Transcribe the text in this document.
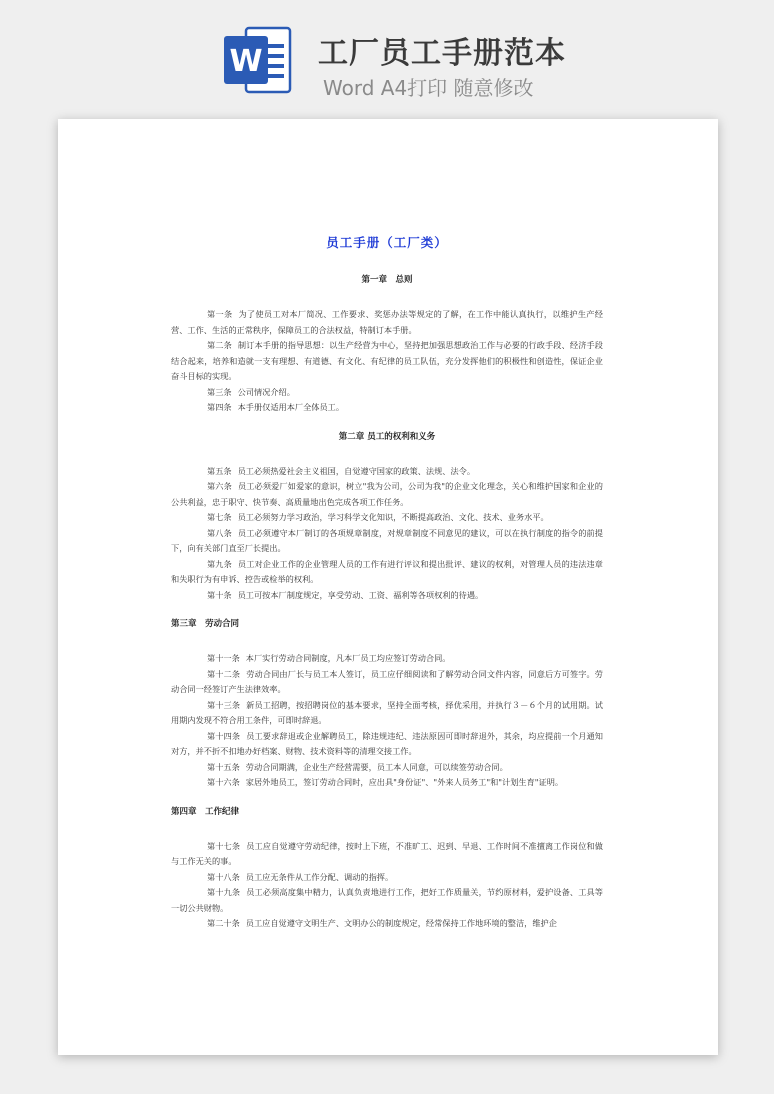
W 工厂员工手册范本
Word A4打印 随意修改

员工手册（工厂类）
第一章　总则

第一条 为了使员工对本厂简况、工作要求、奖惩办法等规定的了解，在工作中能认真执行，以维护生产经营、工作、生活的正常秩序，保障员工的合法权益，特制订本手册。

第二条 制订本手册的指导思想：以生产经营为中心，坚持把加强思想政治工作与必要的行政手段、经济手段结合起来，培养和造就一支有理想、有道德、有文化、有纪律的员工队伍，充分发挥他们的积极性和创造性，保证企业奋斗目标的实现。

第三条 公司情况介绍。

第四条 本手册仅适用本厂全体员工。

第二章 员工的权利和义务

第五条 员工必须热爱社会主义祖国，自觉遵守国家的政策、法规、法令。

第六条 员工必须爱厂如爱家的意识，树立"我为公司，公司为我"的企业文化理念，关心和维护国家和企业的公共利益，忠于职守、快节奏、高质量地出色完成各项工作任务。

第七条 员工必须努力学习政治，学习科学文化知识，不断提高政治、文化、技术、业务水平。

第八条 员工必须遵守本厂制订的各项规章制度，对规章制度不同意见的建议，可以在执行制度的指令的前提下，向有关部门直至厂长提出。

第九条 员工对企业工作的企业管理人员的工作有进行评议和提出批评、建议的权利，对管理人员的违法违章和失职行为有申诉、控告或检举的权利。

第十条 员工可按本厂制度规定，享受劳动、工资、福利等各项权利的待遇。

第三章　劳动合同

第十一条 本厂实行劳动合同制度，凡本厂员工均应签订劳动合同。

第十二条 劳动合同由厂长与员工本人签订，员工应仔细阅读和了解劳动合同文件内容，同意后方可签字。劳动合同一经签订产生法律效率。

第十三条 新员工招聘，按招聘岗位的基本要求，坚持全面考核，择优采用，并执行３－６个月的试用期。试用期内发现不符合用工条件，可即时辞退。

第十四条 员工要求辞退或企业解聘员工，除违规违纪、违法原因可即时辞退外，其余，均应提前一个月通知对方，并不折不扣地办好档案、财物、技术资料等的清理交接工作。

第十五条 劳动合同期满，企业生产经营需要，员工本人同意，可以续签劳动合同。

第十六条 家居外地员工，签订劳动合同时，应出具"身份证"、"外来人员务工"和"计划生育"证明。

第四章　工作纪律

第十七条 员工应自觉遵守劳动纪律，按时上下班，不准旷工、迟到、早退、工作时间不准擅离工作岗位和做与工作无关的事。

第十八条 员工应无条件从工作分配、调动的指挥。

第十九条 员工必须高度集中精力，认真负责地进行工作，把好工作质量关，节约原材料，爱护设备、工具等一切公共财物。

第二十条 员工应自觉遵守文明生产、文明办公的制度规定，经常保持工作地环境的整洁，维护企
